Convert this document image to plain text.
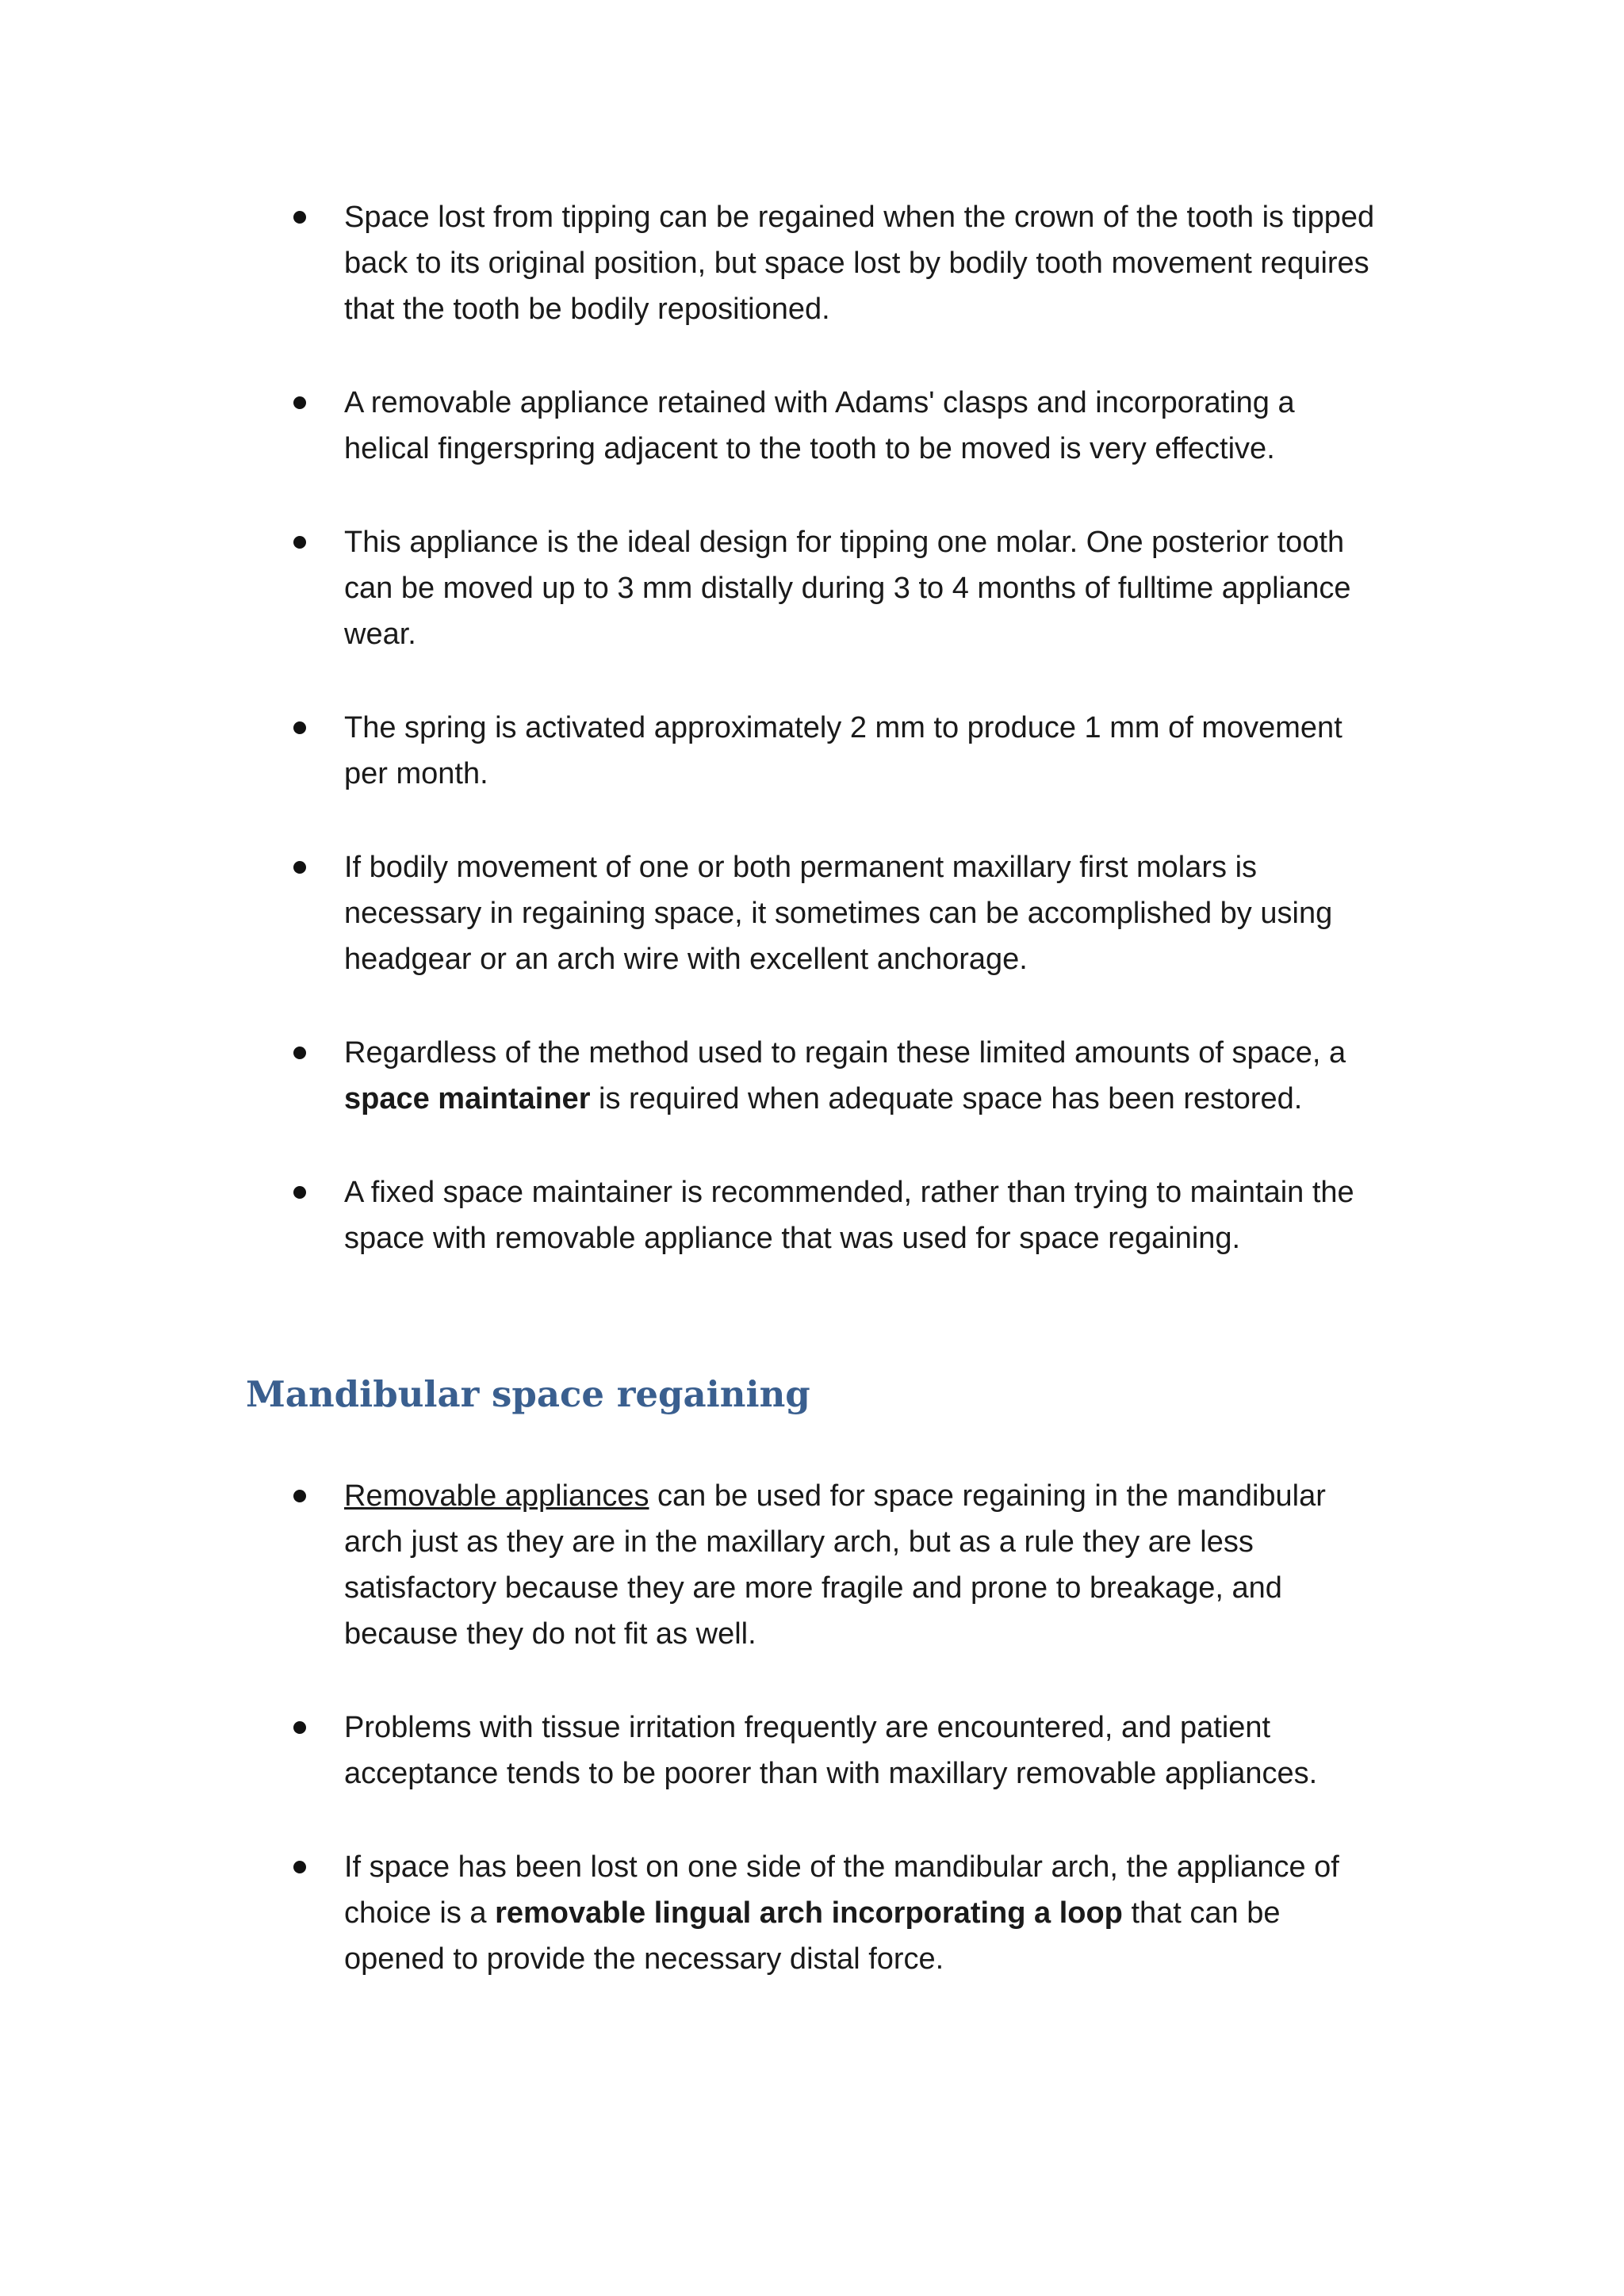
Space lost from tipping can be regained when the crown of the tooth is tipped back to its original position, but space lost by bodily tooth movement requires that the tooth be bodily repositioned.
A removable appliance retained with Adams' clasps and incorporating a helical fingerspring adjacent to the tooth to be moved is very effective.
This appliance is the ideal design for tipping one molar. One posterior tooth can be moved up to 3 mm distally during 3 to 4 months of fulltime appliance wear.
The spring is activated approximately 2 mm to produce 1 mm of movement per month.
If bodily movement of one or both permanent maxillary first molars is necessary in regaining space, it sometimes can be accomplished by using headgear or an arch wire with excellent anchorage.
Regardless of the method used to regain these limited amounts of space, a space maintainer is required when adequate space has been restored.
A fixed space maintainer is recommended, rather than trying to maintain the space with removable appliance that was used for space regaining.
Mandibular space regaining
Removable appliances can be used for space regaining in the mandibular arch just as they are in the maxillary arch, but as a rule they are less satisfactory because they are more fragile and prone to breakage, and because they do not fit as well.
Problems with tissue irritation frequently are encountered, and patient acceptance tends to be poorer than with maxillary removable appliances.
If space has been lost on one side of the mandibular arch, the appliance of choice is a removable lingual arch incorporating a loop that can be opened to provide the necessary distal force.
